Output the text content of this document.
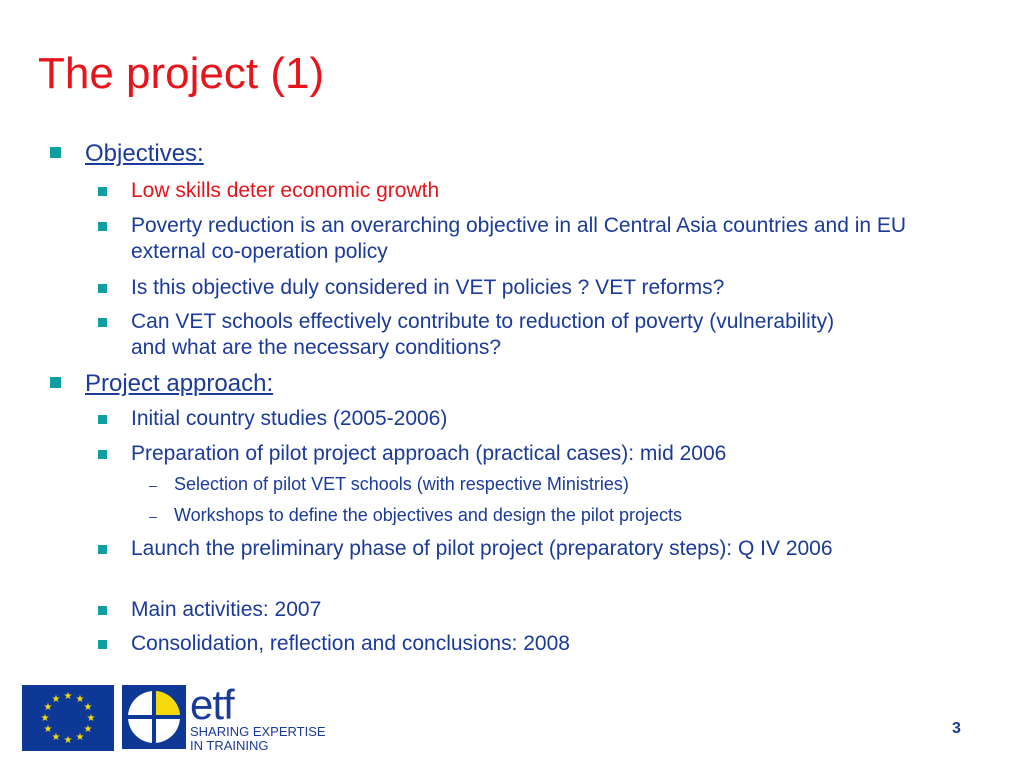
The project (1)
Objectives:
Low skills deter economic growth
Poverty reduction is an overarching objective in all Central Asia countries and in EU external co-operation policy
Is this objective duly considered in VET policies ? VET reforms?
Can VET schools effectively contribute to reduction of poverty (vulnerability) and what are the necessary conditions?
Project approach:
Initial country studies (2005-2006)
Preparation of pilot project approach (practical cases): mid 2006
– Selection of pilot VET schools (with respective Ministries)
– Workshops to define the objectives and design the pilot projects
Launch the preliminary phase of pilot project (preparatory steps): Q IV 2006
Main activities: 2007
Consolidation, reflection and conclusions: 2008
★ ★
★
★
★
★
★
★
★
★
★
★	etf
SHARING EXPERTISE
IN TRAINING
3
